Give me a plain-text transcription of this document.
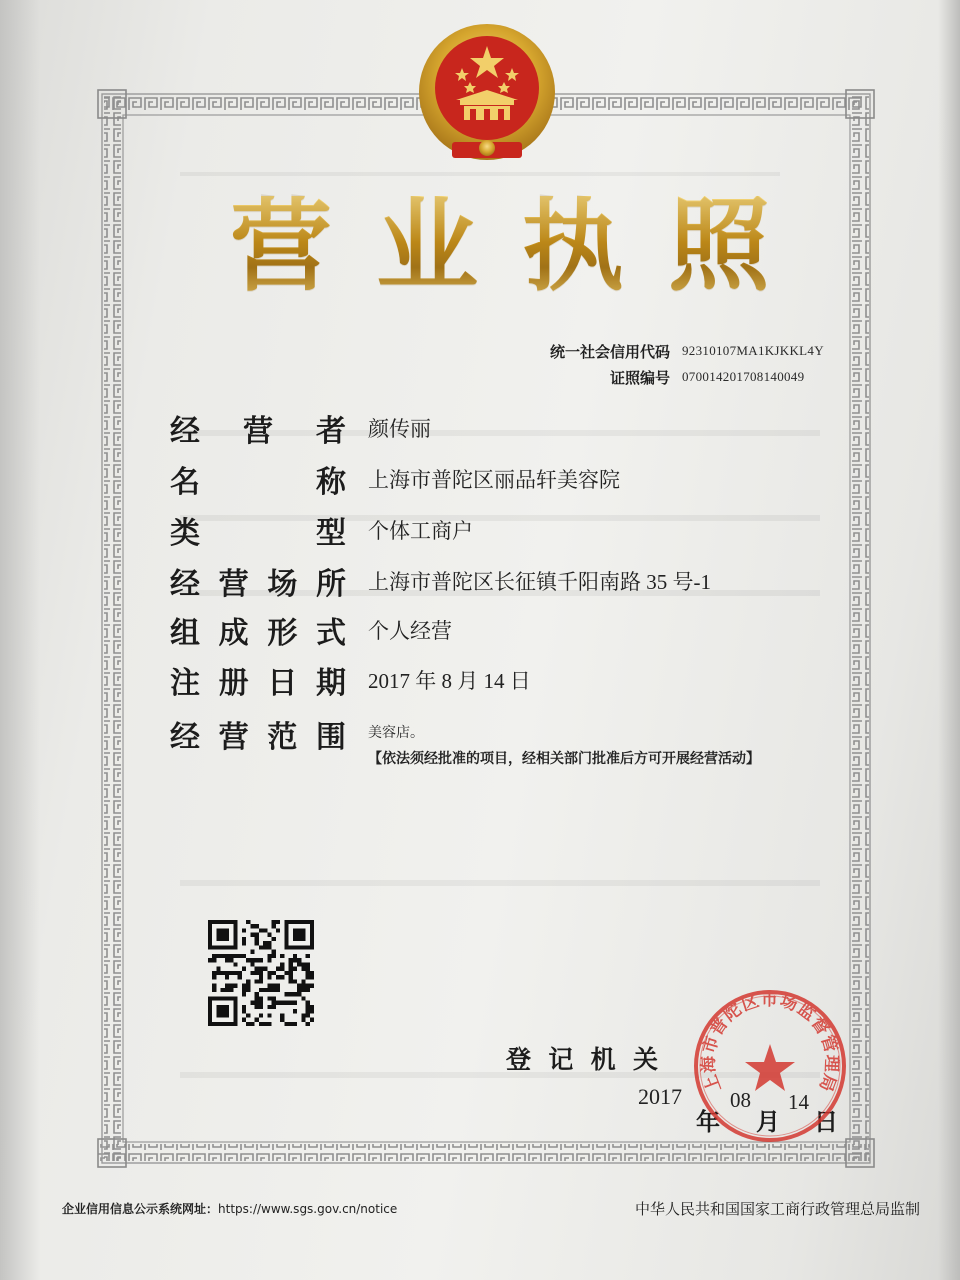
营 业 执 照
统一社会信用代码 92310107MA1KJKKL4Y
证照编号 070014201708140049
经 营 者 颜传丽
名	称 上海市普陀区丽品轩美容院
类	型 个体工商户
经 营 场 所 上海市普陀区长征镇千阳南路 35 号-1
组 成 形 式 个人经营
注 册 日 期 2017 年 8 月 14 日
经 营 范 围 美容店。
【依法须经批准的项目，经相关部门批准后方可开展经营活动】
登 记 机 关
2017
年
08
月
14
日
上海市普陀区市场监督管理局
企业信用信息公示系统网址：https://www.sgs.gov.cn/notice	中华人民共和国国家工商行政管理总局监制
